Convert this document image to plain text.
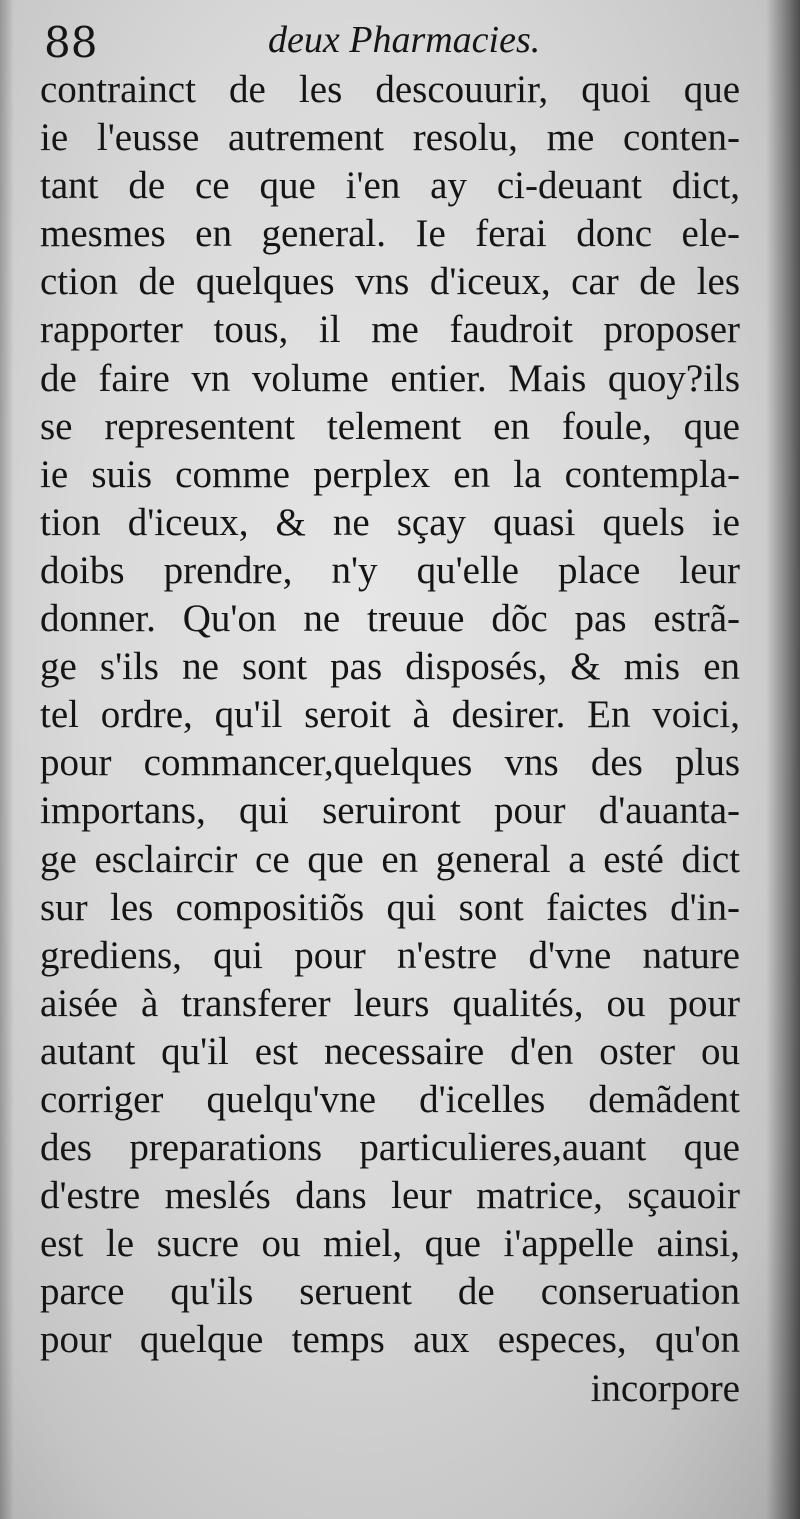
88	deux Pharmacies.
contrainct de les descouurir, quoi que
ie l'eusse autrement resolu, me conten-
tant de ce que i'en ay ci-deuant dict,
mesmes en general. Ie ferai donc ele-
ction de quelques vns d'iceux, car de les
rapporter tous, il me faudroit proposer
de faire vn volume entier. Mais quoy?ils
se representent telement en foule, que
ie suis comme perplex en la contempla-
tion d'iceux, & ne sçay quasi quels ie
doibs prendre, n'y qu'elle place leur
donner. Qu'on ne treuue dõc pas estrã-
ge s'ils ne sont pas disposés, & mis en
tel ordre, qu'il seroit à desirer. En voici,
pour commancer,quelques vns des plus
importans, qui seruiront pour d'auanta-
ge esclaircir ce que en general a esté dict
sur les compositiõs qui sont faictes d'in-
grediens, qui pour n'estre d'vne nature
aisée à transferer leurs qualités, ou pour
autant qu'il est necessaire d'en oster ou
corriger quelqu'vne d'icelles demãdent
des preparations particulieres,auant que
d'estre meslés dans leur matrice, sçauoir
est le sucre ou miel, que i'appelle ainsi,
parce qu'ils seruent de conseruation
pour quelque temps aux especes, qu'on
incorpore
